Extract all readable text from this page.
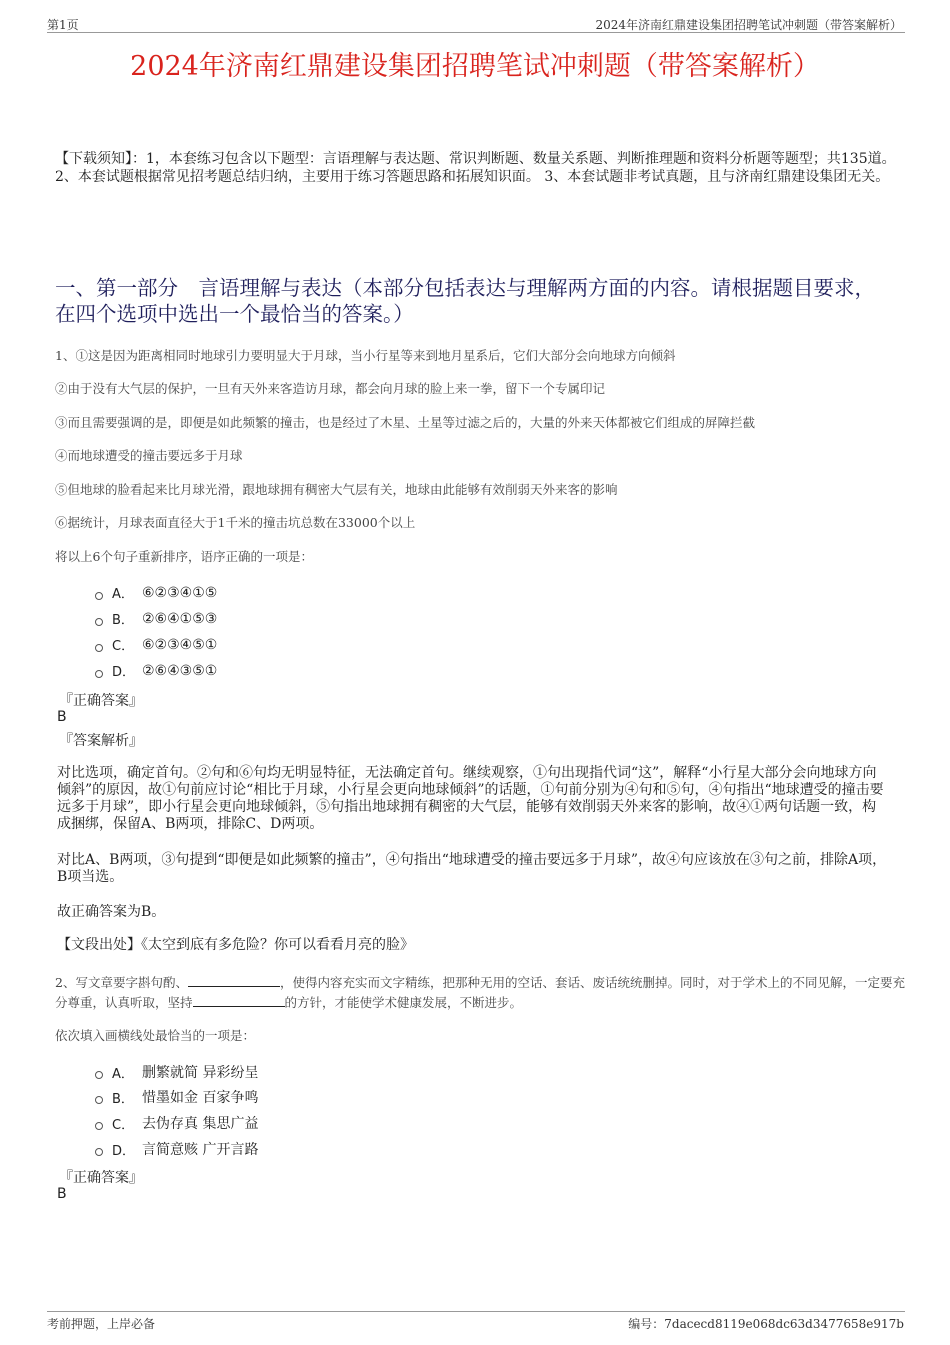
第1页	2024年济南红鼎建设集团招聘笔试冲刺题（带答案解析）
2024年济南红鼎建设集团招聘笔试冲刺题（带答案解析）
【下载须知】：1，本套练习包含以下题型：言语理解与表达题、常识判断题、数量关系题、判断推理题和资料分析题等题型；共135道。 2、本套试题根据常见招考题总结归纳，主要用于练习答题思路和拓展知识面。 3、本套试题非考试真题，且与济南红鼎建设集团无关。
一、第一部分　言语理解与表达（本部分包括表达与理解两方面的内容。请根据题目要求，在四个选项中选出一个最恰当的答案。）
1、①这是因为距离相同时地球引力要明显大于月球，当小行星等来到地月星系后，它们大部分会向地球方向倾斜
②由于没有大气层的保护，一旦有天外来客造访月球，都会向月球的脸上来一拳，留下一个专属印记
③而且需要强调的是，即便是如此频繁的撞击，也是经过了木星、土星等过滤之后的，大量的外来天体都被它们组成的屏障拦截
④而地球遭受的撞击要远多于月球
⑤但地球的脸看起来比月球光滑，跟地球拥有稠密大气层有关，地球由此能够有效削弱天外来客的影响
⑥据统计，月球表面直径大于1千米的撞击坑总数在33000个以上
将以上6个句子重新排序，语序正确的一项是：
A． ⑥②③④①⑤
B． ②⑥④①⑤③
C． ⑥②③④⑤①
D． ②⑥④③⑤①
『正确答案』
B
『答案解析』
对比选项，确定首句。②句和⑥句均无明显特征，无法确定首句。继续观察，①句出现指代词“这”，解释“小行星大部分会向地球方向倾斜”的原因，故①句前应讨论“相比于月球，小行星会更向地球倾斜”的话题，①句前分别为④句和⑤句，④句指出“地球遭受的撞击要远多于月球”，即小行星会更向地球倾斜，⑤句指出地球拥有稠密的大气层，能够有效削弱天外来客的影响，故④①两句话题一致，构成捆绑，保留A、B两项，排除C、D两项。
对比A、B两项，③句提到“即便是如此频繁的撞击”，④句指出“地球遭受的撞击要远多于月球”，故④句应该放在③句之前，排除A项，B项当选。
故正确答案为B。
【文段出处】《太空到底有多危险？你可以看看月亮的脸》
2、写文章要字斟句酌、	，使得内容充实而文字精练，把那种无用的空话、套话、废话统统删掉。同时，对于学术上的不同见解，一定要充分尊重，认真听取，坚持	的方针，才能使学术健康发展，不断进步。
依次填入画横线处最恰当的一项是：
A． 删繁就简 异彩纷呈
B． 惜墨如金 百家争鸣
C． 去伪存真 集思广益
D． 言简意赅 广开言路
『正确答案』
B
考前押题，上岸必备	编号：7dacecd8119e068dc63d3477658e917b
